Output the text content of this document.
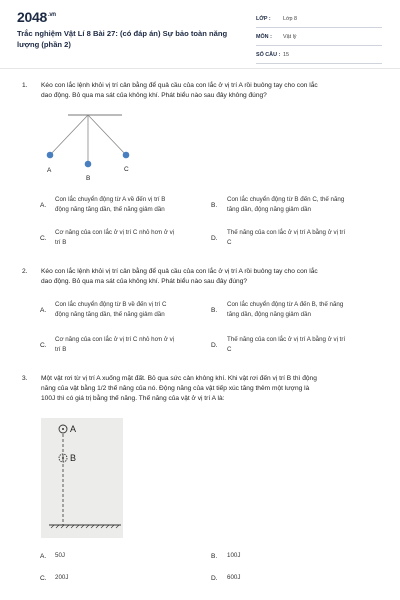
$2048^{.vn}$
Trắc nghiệm Vật Lí 8 Bài 27: (có đáp án) Sự bảo toàn năng lượng (phần 2)
LỚP : Lớp 8
MÔN : Vật lý
SỐ CÂU : 15
1. Kéo con lắc lệnh khỏi vị trí cân bằng để quả cầu của con lắc ở vị trí A rồi buông tay cho con lắc
dao động. Bỏ qua ma sát của không khí. Phát biểu nào sau đây không đúng?
A
B
C
A.
Con lắc chuyển động từ A về đến vị trí B
động năng tăng dần, thế năng giảm dần
B.
Con lắc chuyển động từ B đến C, thế năng
tăng dần, động năng giảm dần
C.
Cơ năng của con lắc ở vị trí C nhỏ hơn ở vị
trí B
D.
Thế năng của con lắc ở vị trí A bằng ở vị trí
C
2. Kéo con lắc lệnh khỏi vị trí cân bằng để quả cầu của con lắc ở vị trí A rồi buông tay cho con lắc
dao động. Bỏ qua ma sát của không khí. Phát biểu nào sau đây đúng?
A.
Con lắc chuyển động từ B về đến vị trí C
động năng tăng dần, thế năng giảm dần
B.
Con lắc chuyển động từ A đến B, thế năng
tăng dần, động năng giảm dần
C.
Cơ năng của con lắc ở vị trí C nhỏ hơn ở vị
trí B
D.
Thế năng của con lắc ở vị trí A bằng ở vị trí
C
3. Một vật rơi từ vị trí A xuống mặt đất. Bỏ qua sức cản không khí. Khi vật rơi đến vị trí B thì động
năng của vật bằng 1/2 thế năng của nó. Động năng của vật tiếp xúc tăng thêm một lượng là
100J thì có giá trị bằng thế năng. Thế năng của vật ở vị trí A là:
A
B
A. 50J	B. 100J
C. 200J	D. 600J
